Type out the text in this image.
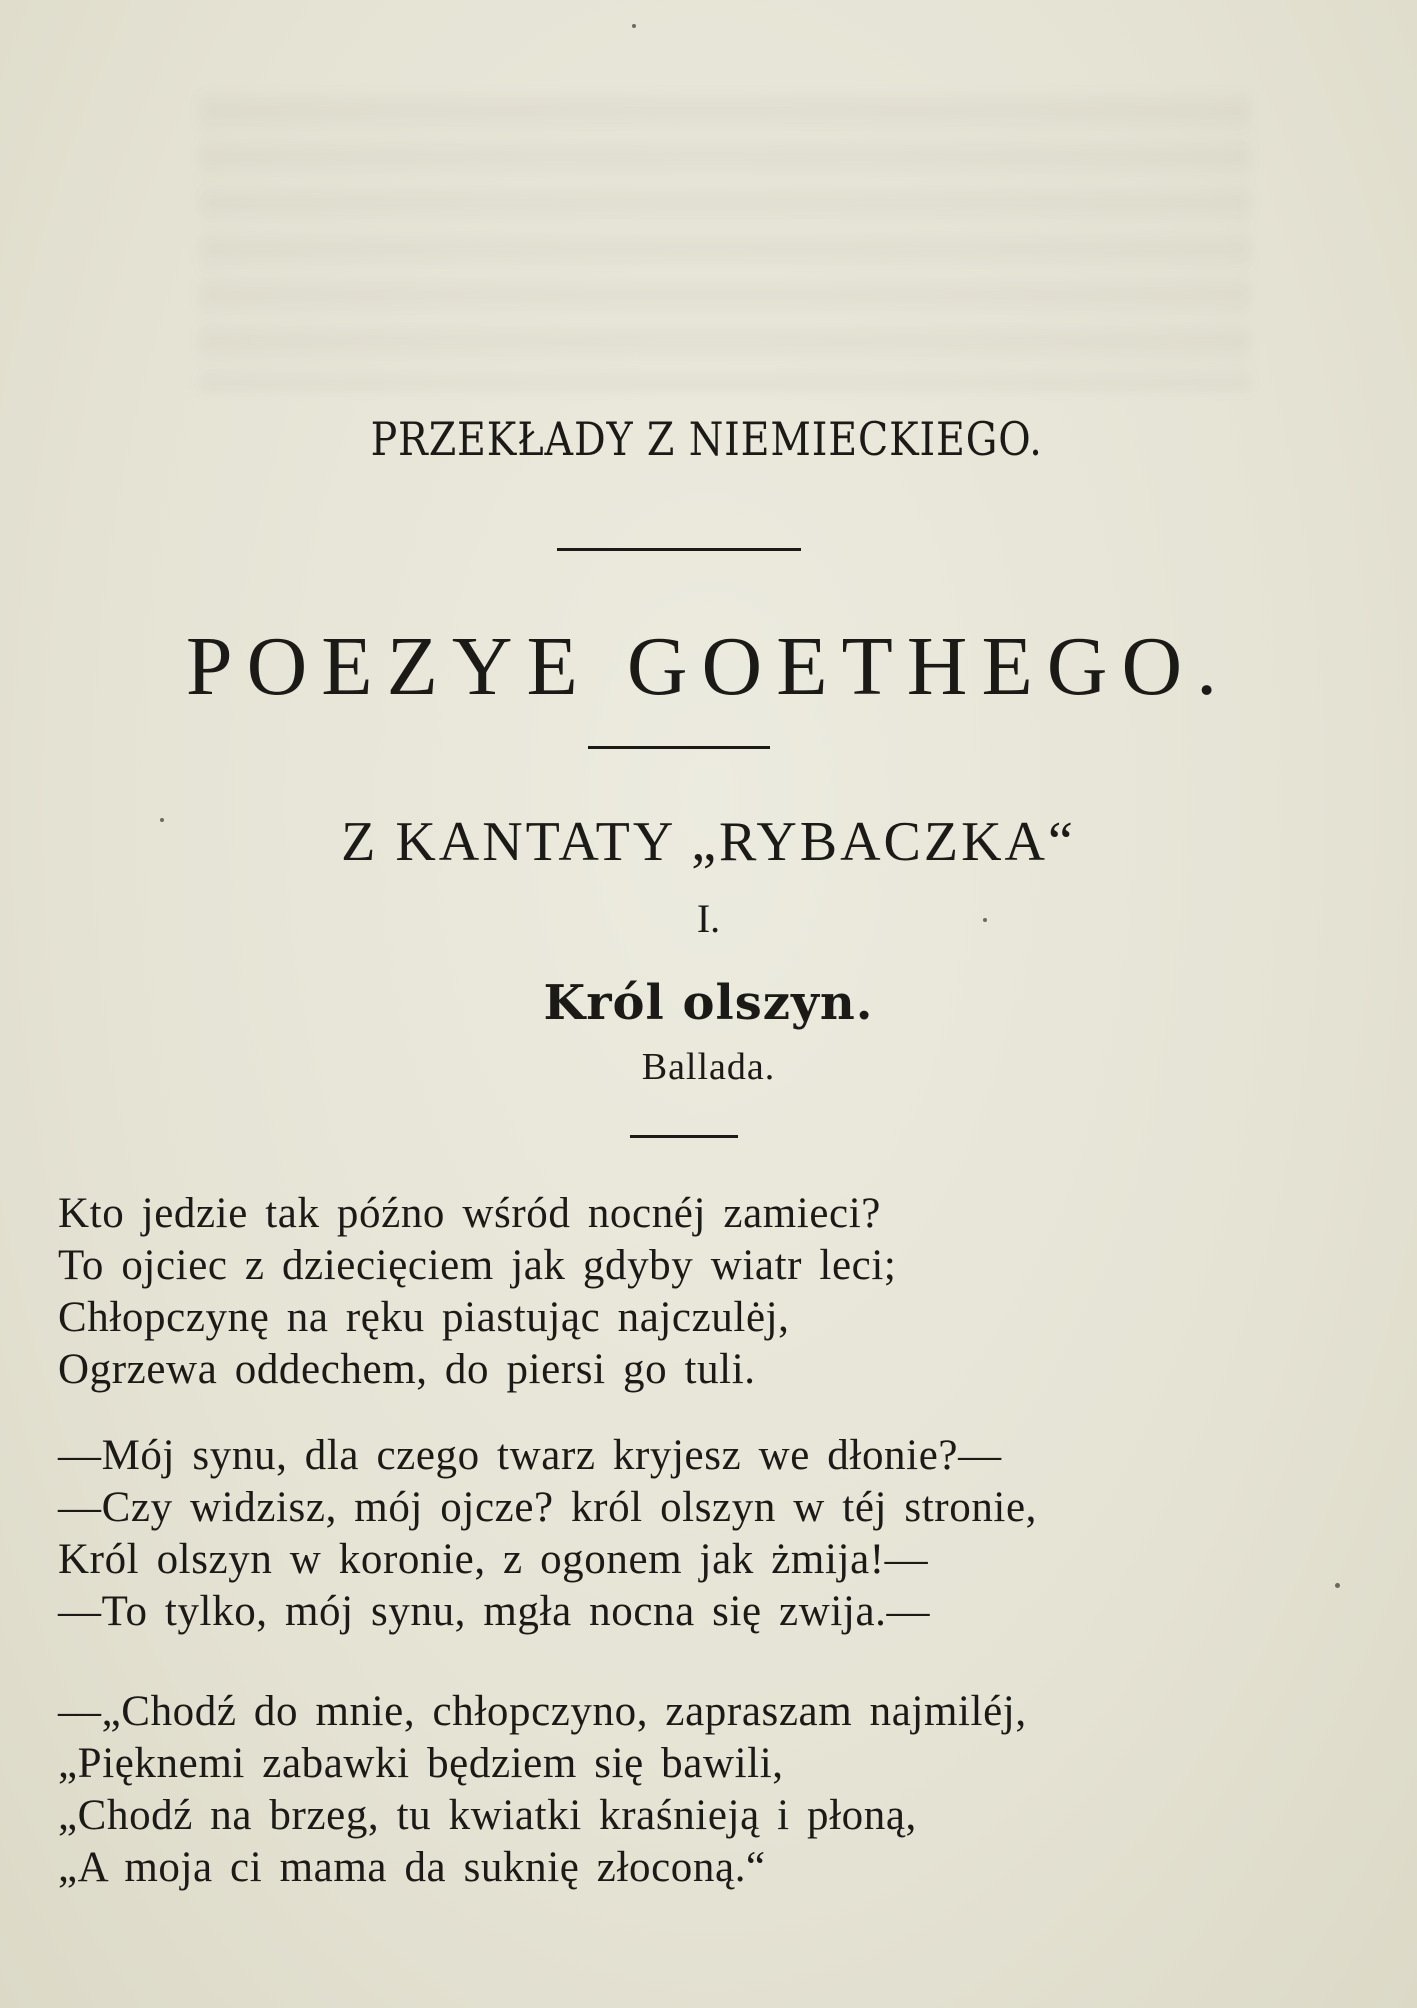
PRZEKŁADY Z NIEMIECKIEGO.
POEZYE GOETHEGO.
Z KANTATY „RYBACZKA“
I.
Król olszyn.
Ballada.
Kto jedzie tak późno wśród nocnéj zamieci?
To ojciec z dziecięciem jak gdyby wiatr leci;
Chłopczynę na ręku piastując najczulėj,
Ogrzewa oddechem, do piersi go tuli.
—Mój synu, dla czego twarz kryjesz we dłonie?—
—Czy widzisz, mój ojcze? król olszyn w téj stronie,
Król olszyn w koronie, z ogonem jak żmija!—
—To tylko, mój synu, mgła nocna się zwija.—
—„Chodź do mnie, chłopczyno, zapraszam najmiléj,
„Pięknemi zabawki będziem się bawili,
„Chodź na brzeg, tu kwiatki kraśnieją i płoną,
„A moja ci mama da suknię złoconą.“
